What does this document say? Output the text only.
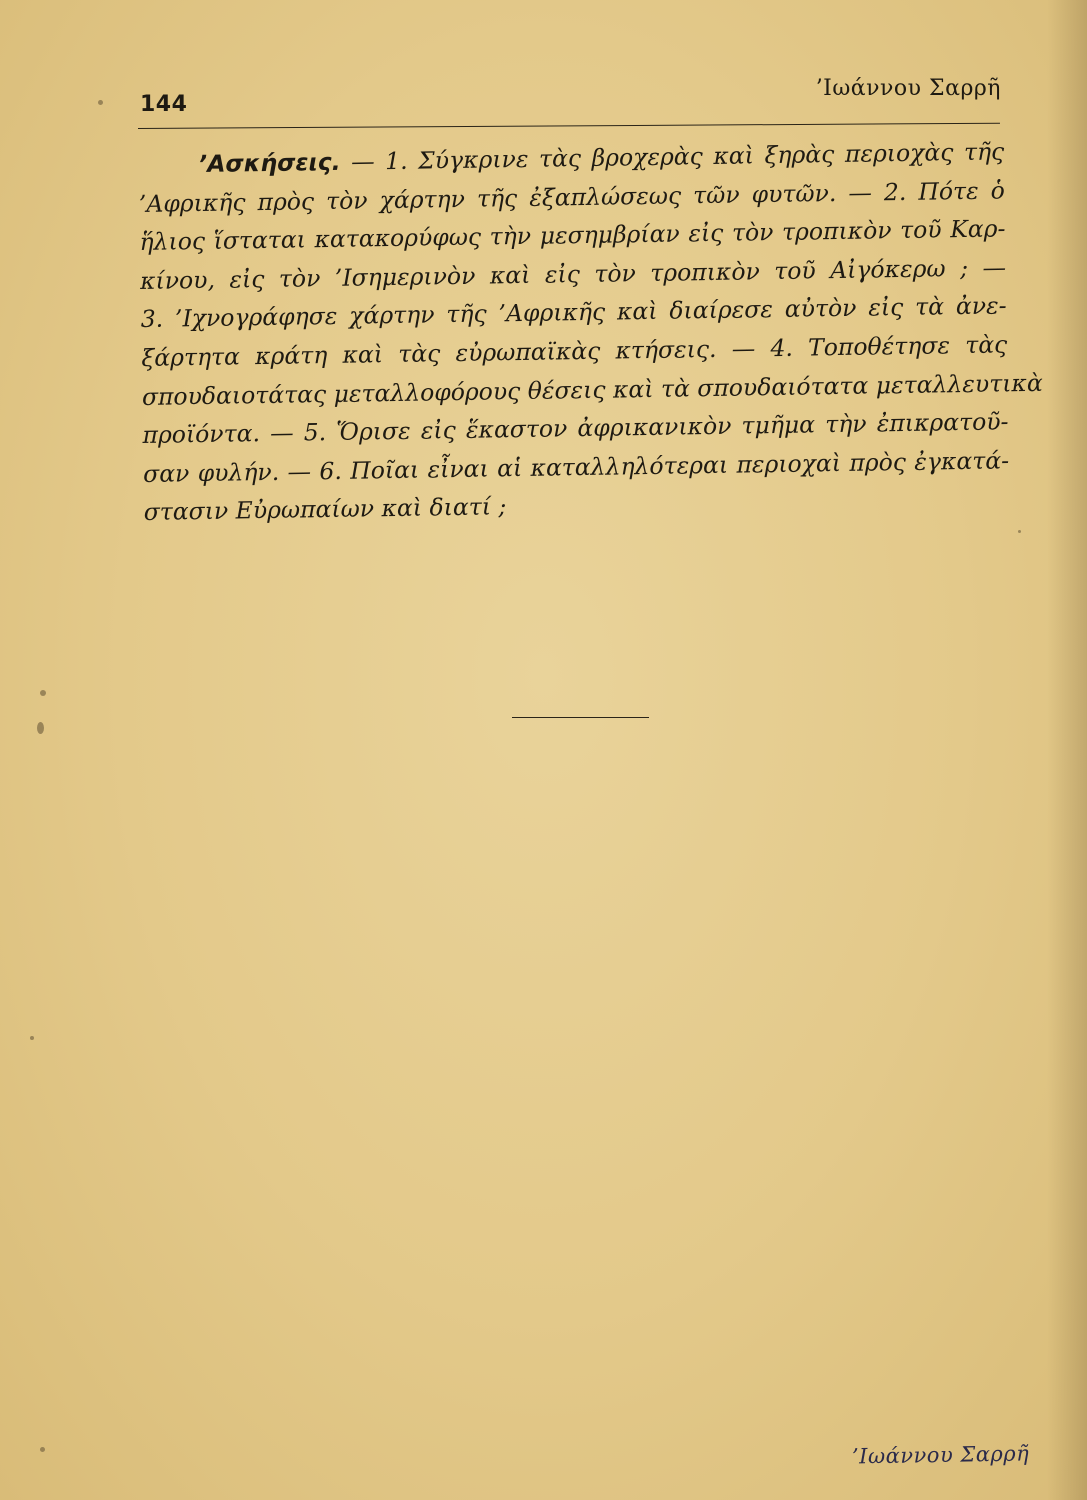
144
’Ιωάννου Σαρρῆ
’Ασκήσεις. — 1. Σύγκρινε τὰς βροχερὰς καὶ ξηρὰς περιοχὰς τῆς
’Αφρικῆς πρὸς τὸν χάρτην τῆς ἐξαπλώσεως τῶν φυτῶν. — 2. Πότε ὁ
ἥλιος ἵσταται κατακορύφως τὴν μεσημβρίαν εἰς τὸν τροπικὸν τοῦ Καρ-
κίνου, εἰς τὸν ’Ισημερινὸν καὶ εἰς τὸν τροπικὸν τοῦ Αἰγόκερω ; —
3. ’Ιχνογράφησε χάρτην τῆς ’Αφρικῆς καὶ διαίρεσε αὐτὸν εἰς τὰ ἀνε-
ξάρτητα κράτη καὶ τὰς εὐρωπαϊκὰς κτήσεις. — 4. Τοποθέτησε τὰς
σπουδαιοτάτας μεταλλοφόρους θέσεις καὶ τὰ σπουδαιότατα μεταλλευτικὰ
προϊόντα. — 5. Ὅρισε εἰς ἕκαστον ἀφρικανικὸν τμῆμα τὴν ἐπικρατοῦ-
σαν φυλήν. — 6. Ποῖαι εἶναι αἱ καταλληλότεραι περιοχαὶ πρὸς ἐγκατά-
στασιν Εὐρωπαίων καὶ διατί ;
’Ιωάννου Σαρρῆ
